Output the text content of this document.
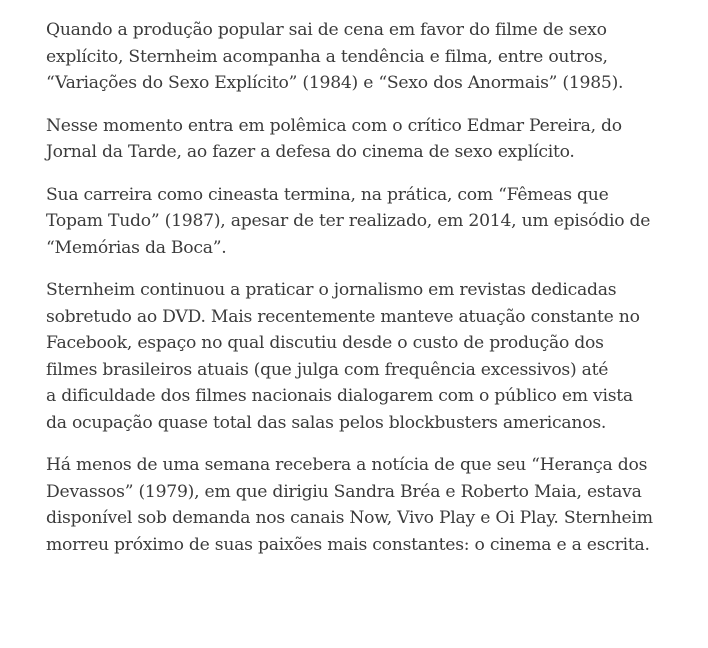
Quando a produção popular sai de cena em favor do filme de sexo
explícito, Sternheim acompanha a tendência e filma, entre outros,
“Variações do Sexo Explícito” (1984) e “Sexo dos Anormais” (1985).

Nesse momento entra em polêmica com o crítico Edmar Pereira, do
Jornal da Tarde, ao fazer a defesa do cinema de sexo explícito.

Sua carreira como cineasta termina, na prática, com “Fêmeas que
Topam Tudo” (1987), apesar de ter realizado, em 2014, um episódio de
“Memórias da Boca”.

Sternheim continuou a praticar o jornalismo em revistas dedicadas
sobretudo ao DVD. Mais recentemente manteve atuação constante no
Facebook, espaço no qual discutiu desde o custo de produção dos
filmes brasileiros atuais (que julga com frequência excessivos) até
a dificuldade dos filmes nacionais dialogarem com o público em vista
da ocupação quase total das salas pelos blockbusters americanos.

Há menos de uma semana recebera a notícia de que seu “Herança dos
Devassos” (1979), em que dirigiu Sandra Bréa e Roberto Maia, estava
disponível sob demanda nos canais Now, Vivo Play e Oi Play. Sternheim
morreu próximo de suas paixões mais constantes: o cinema e a escrita.
